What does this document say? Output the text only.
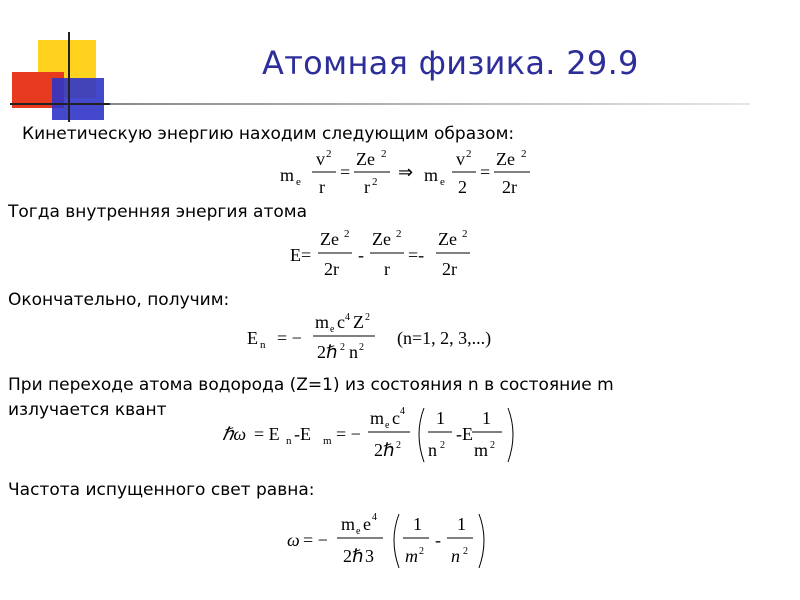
Атомная физика. 29.9
Кинетическую энергию находим следующим образом:
Тогда внутренняя энергия атома
Окончательно, получим:
При переходе атома водорода (Z=1) из состояния n в состояние m
излучается квант
Частота испущенного свет равна:
m e
v 2
r
=
Ze 2
r 2 ⇒ m e
v 2
2
=
Ze 2
2r
E=
Ze 2
2r
-
Ze 2
r
=-
Ze 2
2r
E n = −
m e c 4 Z 2
2ℏ 2 n 2 (n=1, 2, 3,...)
ℏω = E n -E m = −
m e c 4
2ℏ 2
1
n 2
-E
1
m 2
ω = −
m e e 4
2ℏ 3
1
m 2
-
1
n 2
